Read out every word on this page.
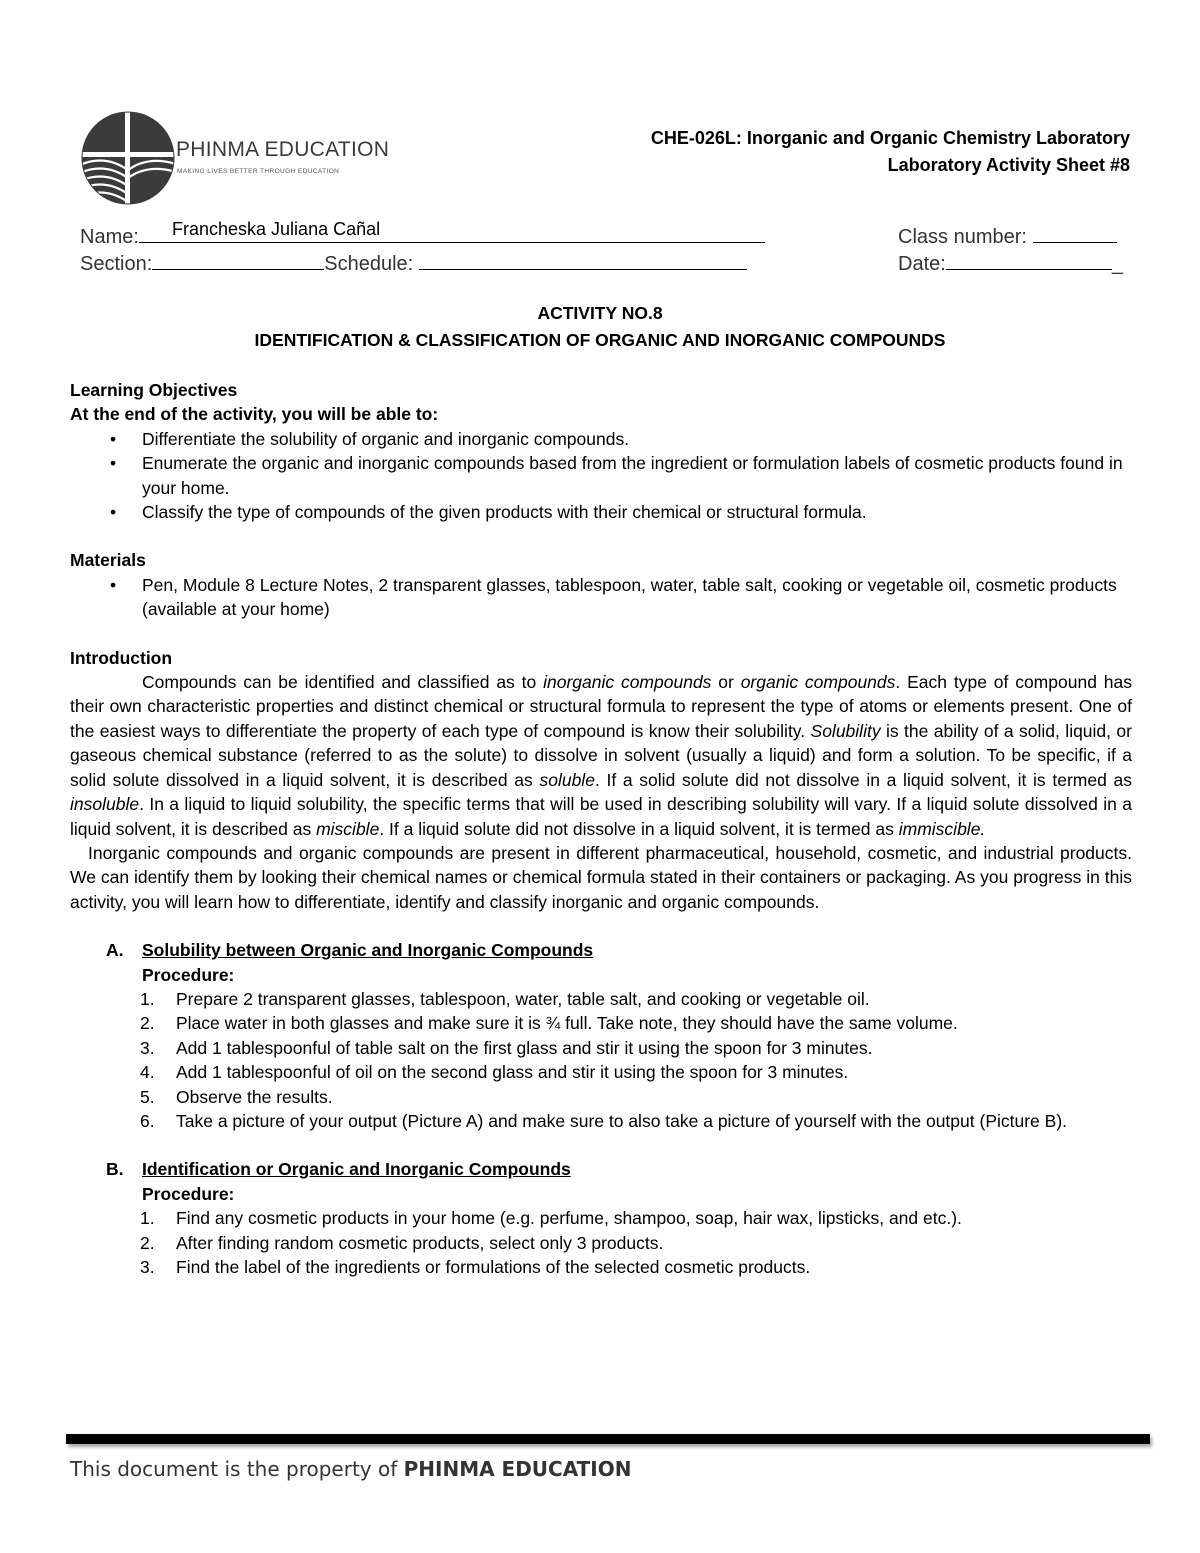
PHINMA EDUCATION
MAKING LIVES BETTER THROUGH EDUCATION
CHE-026L: Inorganic and Organic Chemistry Laboratory
Laboratory Activity Sheet #8
Name:	Francheska Juliana Cañal
Section:	Schedule:
Class number:
Date:	_
ACTIVITY NO.8
IDENTIFICATION & CLASSIFICATION OF ORGANIC AND INORGANIC COMPOUNDS

Learning Objectives

At the end of the activity, you will be able to:

• Differentiate the solubility of organic and inorganic compounds.
• Enumerate the organic and inorganic compounds based from the ingredient or formulation labels of cosmetic products found in your home.
• Classify the type of compounds of the given products with their chemical or structural formula.

Materials

• Pen, Module 8 Lecture Notes, 2 transparent glasses, tablespoon, water, table salt, cooking or vegetable oil, cosmetic products (available at your home)

Introduction

Compounds can be identified and classified as to inorganic compounds or organic compounds. Each type of compound has their own characteristic properties and distinct chemical or structural formula to represent the type of atoms or elements present. One of the easiest ways to differentiate the property of each type of compound is know their solubility. Solubility is the ability of a solid, liquid, or gaseous chemical substance (referred to as the solute) to dissolve in solvent (usually a liquid) and form a solution. To be specific, if a solid solute dissolved in a liquid solvent, it is described as soluble. If a solid solute did not dissolve in a liquid solvent, it is termed as insoluble. In a liquid to liquid solubility, the specific terms that will be used in describing solubility will vary. If a liquid solute dissolved in a liquid solvent, it is described as miscible. If a liquid solute did not dissolve in a liquid solvent, it is termed as immiscible.

Inorganic compounds and organic compounds are present in different pharmaceutical, household, cosmetic, and industrial products. We can identify them by looking their chemical names or chemical formula stated in their containers or packaging. As you progress in this activity, you will learn how to differentiate, identify and classify inorganic and organic compounds.

A. Solubility between Organic and Inorganic Compounds
Procedure:
1. Prepare 2 transparent glasses, tablespoon, water, table salt, and cooking or vegetable oil.
2. Place water in both glasses and make sure it is ¾ full. Take note, they should have the same volume.
3. Add 1 tablespoonful of table salt on the first glass and stir it using the spoon for 3 minutes.
4. Add 1 tablespoonful of oil on the second glass and stir it using the spoon for 3 minutes.
5. Observe the results.
6. Take a picture of your output (Picture A) and make sure to also take a picture of yourself with the output (Picture B).
B. Identification or Organic and Inorganic Compounds
Procedure:
1. Find any cosmetic products in your home (e.g. perfume, shampoo, soap, hair wax, lipsticks, and etc.).
2. After finding random cosmetic products, select only 3 products.
3. Find the label of the ingredients or formulations of the selected cosmetic products.
This document is the property of PHINMA EDUCATION
